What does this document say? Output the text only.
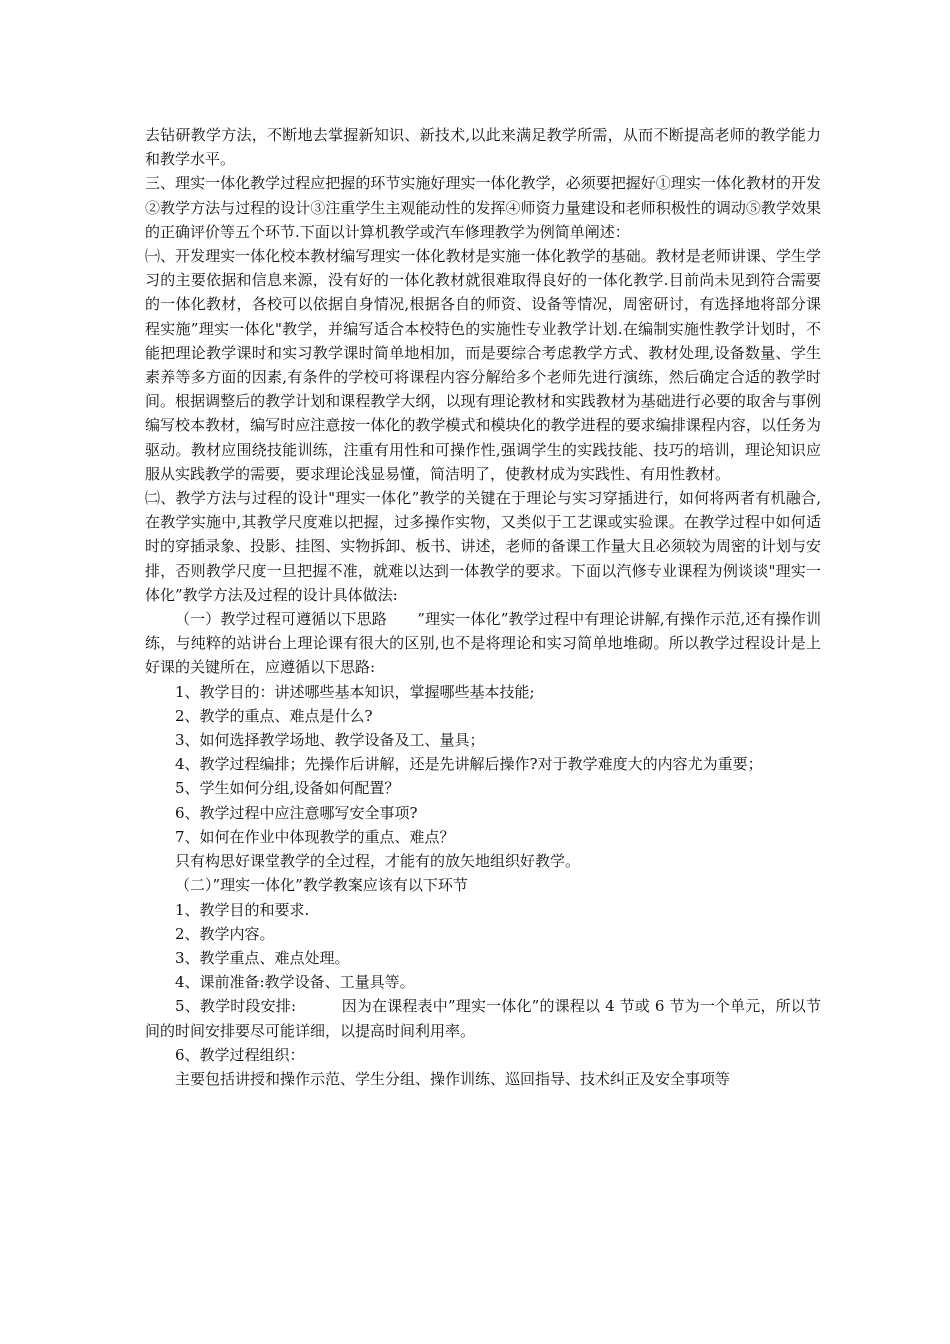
去钻研教学方法，不断地去掌握新知识、新技术,以此来满足教学所需，从而不断提高老师的教学能力和教学水平。

三、理实一体化教学过程应把握的环节实施好理实一体化教学，必须要把握好①理实一体化教材的开发②教学方法与过程的设计③注重学生主观能动性的发挥④师资力量建设和老师积极性的调动⑤教学效果的正确评价等五个环节.下面以计算机教学或汽车修理教学为例简单阐述：

㈠、开发理实一体化校本教材编写理实一体化教材是实施一体化教学的基础。教材是老师讲课、学生学习的主要依据和信息来源，没有好的一体化教材就很难取得良好的一体化教学.目前尚未见到符合需要的一体化教材，各校可以依据自身情况,根据各自的师资、设备等情况，周密研讨，有选择地将部分课程实施”理实一体化"教学，并编写适合本校特色的实施性专业教学计划.在编制实施性教学计划时，不能把理论教学课时和实习教学课时简单地相加，而是要综合考虑教学方式、教材处理,设备数量、学生素养等多方面的因素,有条件的学校可将课程内容分解给多个老师先进行演练，然后确定合适的教学时间。根据调整后的教学计划和课程教学大纲，以现有理论教材和实践教材为基础进行必要的取舍与事例编写校本教材，编写时应注意按一体化的教学模式和模块化的教学进程的要求编排课程内容，以任务为驱动。教材应围绕技能训练，注重有用性和可操作性,强调学生的实践技能、技巧的培训，理论知识应服从实践教学的需要，要求理论浅显易懂，简洁明了，使教材成为实践性、有用性教材。

㈡、教学方法与过程的设计"理实一体化”教学的关键在于理论与实习穿插进行，如何将两者有机融合,在教学实施中,其教学尺度难以把握，过多操作实物，又类似于工艺课或实验课。在教学过程中如何适时的穿插录象、投影、挂图、实物拆卸、板书、讲述，老师的备课工作量大且必须较为周密的计划与安排，否则教学尺度一旦把握不准，就难以达到一体教学的要求。下面以汽修专业课程为例谈谈"理实一体化”教学方法及过程的设计具体做法:

（一）教学过程可遵循以下思路　　”理实一体化”教学过程中有理论讲解,有操作示范,还有操作训练，与纯粹的站讲台上理论课有很大的区别,也不是将理论和实习简单地堆砌。所以教学过程设计是上好课的关键所在，应遵循以下思路:

1、教学目的：讲述哪些基本知识，掌握哪些基本技能;

2、教学的重点、难点是什么?

3、如何选择教学场地、教学设备及工、量具；

4、教学过程编排；先操作后讲解，还是先讲解后操作?对于教学难度大的内容尤为重要；

5、学生如何分组,设备如何配置？

6、教学过程中应注意哪写安全事项?

7、如何在作业中体现教学的重点、难点？

只有构思好课堂教学的全过程，才能有的放矢地组织好教学。

（二）”理实一体化”教学教案应该有以下环节

1、教学目的和要求.

2、教学内容。

3、教学重点、难点处理。

4、课前准备:教学设备、工量具等。

5、教学时段安排:　　　因为在课程表中”理实一体化”的课程以 4 节或 6 节为一个单元，所以节间的时间安排要尽可能详细，以提高时间利用率。

6、教学过程组织：

主要包括讲授和操作示范、学生分组、操作训练、巡回指导、技术纠正及安全事项等
